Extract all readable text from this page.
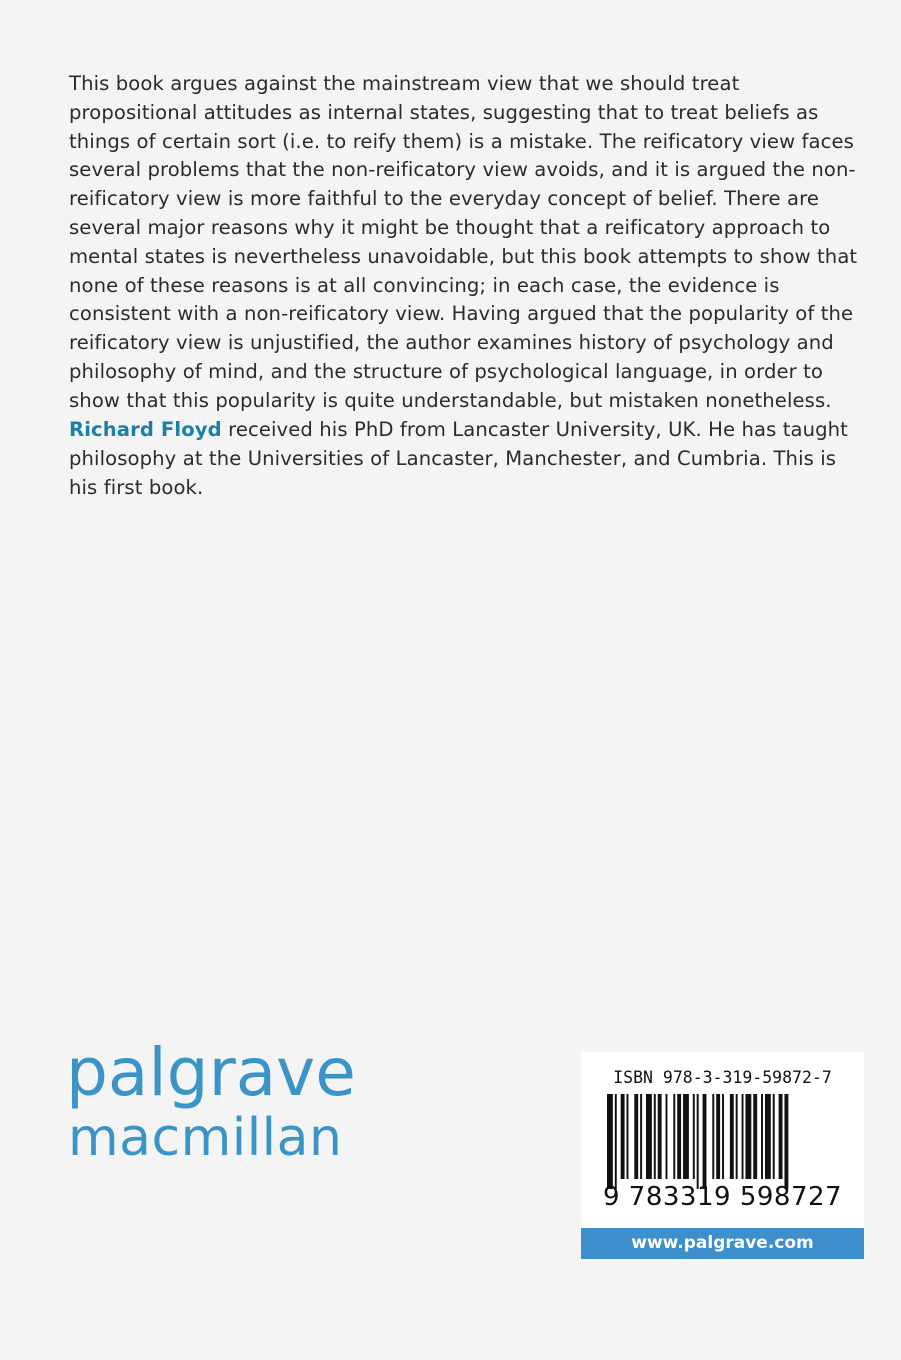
This book argues against the mainstream view that we should treat propositional attitudes as internal states, suggesting that to treat beliefs as things of certain sort (i.e. to reify them) is a mistake. The reificatory view faces several problems that the non-reificatory view avoids, and it is argued the non-reificatory view is more faithful to the everyday concept of belief. There are several major reasons why it might be thought that a reificatory approach to mental states is nevertheless unavoidable, but this book attempts to show that none of these reasons is at all convincing; in each case, the evidence is consistent with a non-reificatory view. Having argued that the popularity of the reificatory view is unjustified, the author examines history of psychology and philosophy of mind, and the structure of psychological language, in order to show that this popularity is quite understandable, but mistaken nonetheless.

Richard Floyd received his PhD from Lancaster University, UK. He has taught philosophy at the Universities of Lancaster, Manchester, and Cumbria. This is his first book.

palgrave
macmillan
ISBN 978-3-319-59872-7
9 783319 598727
www.palgrave.com
